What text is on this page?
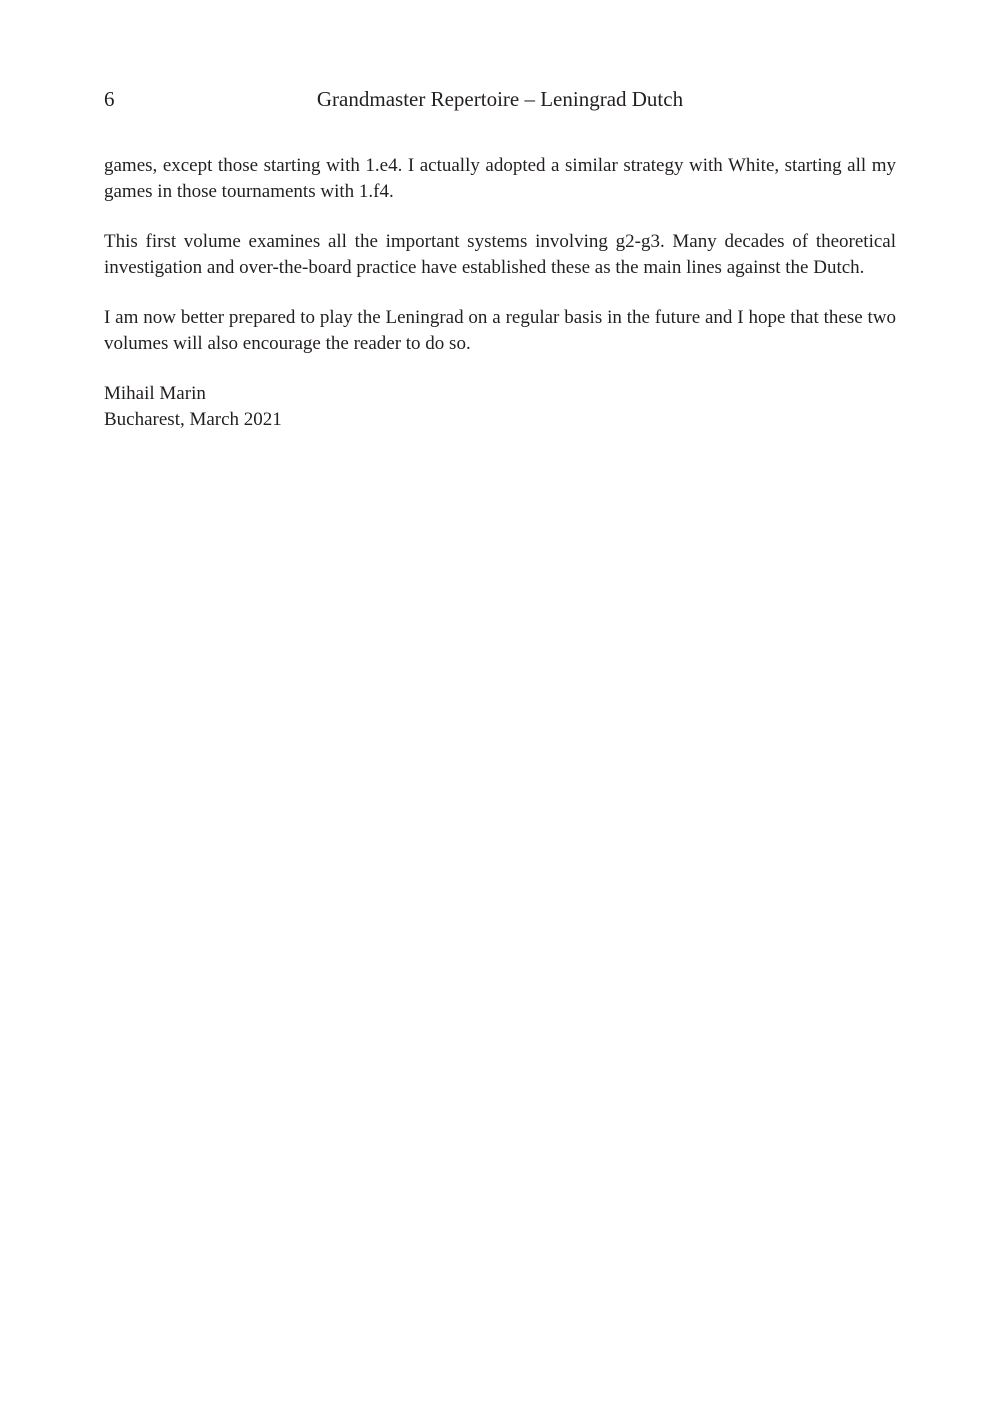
6	Grandmaster Repertoire – Leningrad Dutch

games, except those starting with 1.e4. I actually adopted a similar strategy with White, starting all my games in those tournaments with 1.f4.

This first volume examines all the important systems involving g2-g3. Many decades of theoretical investigation and over-the-board practice have established these as the main lines against the Dutch.

I am now better prepared to play the Leningrad on a regular basis in the future and I hope that these two volumes will also encourage the reader to do so.

Mihail Marin
Bucharest, March 2021
